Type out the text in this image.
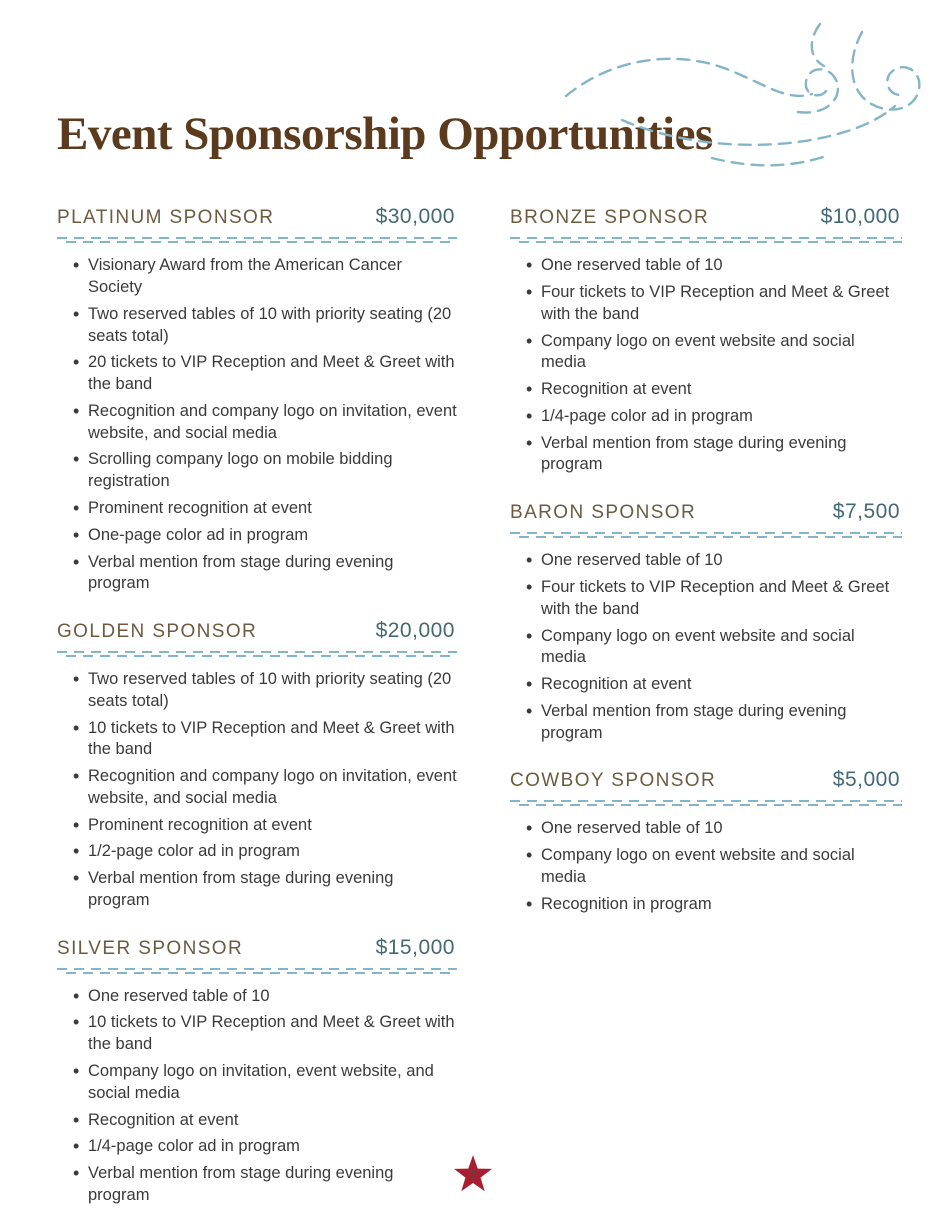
Event Sponsorship Opportunities
PLATINUM SPONSOR	$30,000
• Visionary Award from the American Cancer Society
• Two reserved tables of 10 with priority seating (20 seats total)
• 20 tickets to VIP Reception and Meet & Greet with the band
• Recognition and company logo on invitation, event website, and social media
• Scrolling company logo on mobile bidding registration
• Prominent recognition at event
• One-page color ad in program
• Verbal mention from stage during evening program
GOLDEN SPONSOR	$20,000
• Two reserved tables of 10 with priority seating (20 seats total)
• 10 tickets to VIP Reception and Meet & Greet with the band
• Recognition and company logo on invitation, event website, and social media
• Prominent recognition at event
• 1/2-page color ad in program
• Verbal mention from stage during evening program
SILVER SPONSOR	$15,000
• One reserved table of 10
• 10 tickets to VIP Reception and Meet & Greet with the band
• Company logo on invitation, event website, and social media
• Recognition at event
• 1/4-page color ad in program
• Verbal mention from stage during evening program
BRONZE SPONSOR	$10,000
• One reserved table of 10
• Four tickets to VIP Reception and Meet & Greet with the band
• Company logo on event website and social media
• Recognition at event
• 1/4-page color ad in program
• Verbal mention from stage during evening program
BARON SPONSOR	$7,500
• One reserved table of 10
• Four tickets to VIP Reception and Meet & Greet with the band
• Company logo on event website and social media
• Recognition at event
• Verbal mention from stage during evening program
COWBOY SPONSOR	$5,000
• One reserved table of 10
• Company logo on event website and social media
• Recognition in program
7
